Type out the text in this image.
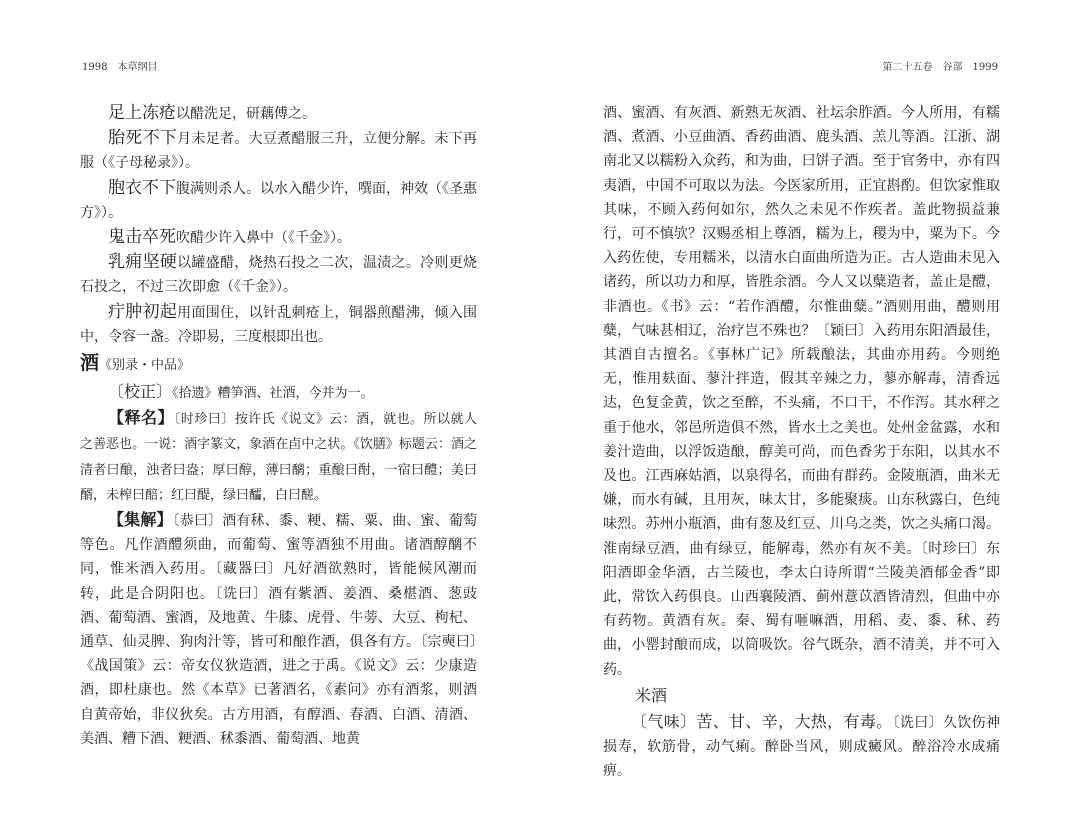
1998　本草纲目	第二十五卷　谷部　1999

足上冻疮以醋洗足，研藕傅之。

胎死不下月未足者。大豆煮醋服三升，立便分解。未下再服（《子母秘录》）。

胞衣不下腹满则杀人。以水入醋少许，噀面，神效（《圣惠方》）。

鬼击卒死吹醋少许入鼻中（《千金》）。

乳痈坚硬以罐盛醋，烧热石投之二次，温渍之。冷则更烧石投之，不过三次即愈（《千金》）。

疔肿初起用面围住，以针乱刺疮上，铜器煎醋沸，倾入围中，令容一盏。冷即易，三度根即出也。

酒《别录・中品》

〔校正〕《拾遗》糟笋酒、社酒，今并为一。

【释名】〔时珍曰〕按许氏《说文》云：酒，就也。所以就人之善恶也。一说：酒字篆文，象酒在卣中之状。《饮膳》标题云：酒之清者曰酿，浊者曰盎；厚曰醇，薄曰醨；重酿曰酎，一宿曰醴；美曰醑，未榨曰醅；红曰醍，绿曰醽，白曰醝。

【集解】〔恭曰〕酒有秫、黍、粳、糯、粟、曲、蜜、葡萄等色。凡作酒醴须曲，而葡萄、蜜等酒独不用曲。诸酒醇醨不同，惟米酒入药用。〔藏器曰〕凡好酒欲熟时，皆能候风潮而转，此是合阴阳也。〔诜曰〕酒有紫酒、姜酒、桑椹酒、葱豉酒、葡萄酒、蜜酒，及地黄、牛膝、虎骨、牛蒡、大豆、枸杞、通草、仙灵脾、狗肉汁等，皆可和酿作酒，俱各有方。〔宗奭曰〕《战国策》云：帝女仪狄造酒，进之于禹。《说文》云：少康造酒，即杜康也。然《本草》已著酒名，《素问》亦有酒浆，则酒自黄帝始，非仪狄矣。古方用酒，有醇酒、春酒、白酒、清酒、美酒、糟下酒、粳酒、秫黍酒、葡萄酒、地黄

酒、蜜酒、有灰酒、新熟无灰酒、社坛余胙酒。今人所用，有糯酒、煮酒、小豆曲酒、香药曲酒、鹿头酒、羔儿等酒。江浙、湖南北又以糯粉入众药，和为曲，曰饼子酒。至于官务中，亦有四夷酒，中国不可取以为法。今医家所用，正宜斟酌。但饮家惟取其味，不顾入药何如尔，然久之未见不作疾者。盖此物损益兼行，可不慎欤？汉赐丞相上尊酒，糯为上，稷为中，粟为下。今入药佐使，专用糯米，以清水白面曲所造为正。古人造曲未见入诸药，所以功力和厚，皆胜余酒。今人又以糵造者，盖止是醴，非酒也。《书》云：“若作酒醴，尔惟曲糵。”酒则用曲，醴则用糵，气味甚相辽，治疗岂不殊也？〔颖曰〕入药用东阳酒最佳，其酒自古擅名。《事林广记》所载酿法，其曲亦用药。今则绝无，惟用麸面、蓼汁拌造，假其辛辣之力，蓼亦解毒，清香远达，色复金黄，饮之至醉，不头痛，不口干，不作泻。其水秤之重于他水，邻邑所造俱不然，皆水土之美也。处州金盆露，水和姜汁造曲，以浮饭造酿，醇美可尚，而色香劣于东阳，以其水不及也。江西麻姑酒，以泉得名，而曲有群药。金陵瓶酒，曲米无嫌，而水有碱，且用灰，味太甘，多能聚痰。山东秋露白，色纯味烈。苏州小瓶酒，曲有葱及红豆、川乌之类，饮之头痛口渴。淮南绿豆酒，曲有绿豆，能解毒，然亦有灰不美。〔时珍曰〕东阳酒即金华酒，古兰陵也，李太白诗所谓“兰陵美酒郁金香”即此，常饮入药俱良。山西襄陵酒、蓟州薏苡酒皆清烈，但曲中亦有药物。黄酒有灰。秦、蜀有咂嘛酒，用稻、麦、黍、秫、药曲，小罂封酿而成，以筒吸饮。谷气既杂，酒不清美，并不可入药。

米酒

〔气味〕苦、甘、辛，大热，有毒。〔诜曰〕久饮伤神损寿，软筋骨，动气痢。醉卧当风，则成癜风。醉浴冷水成痛痹。
